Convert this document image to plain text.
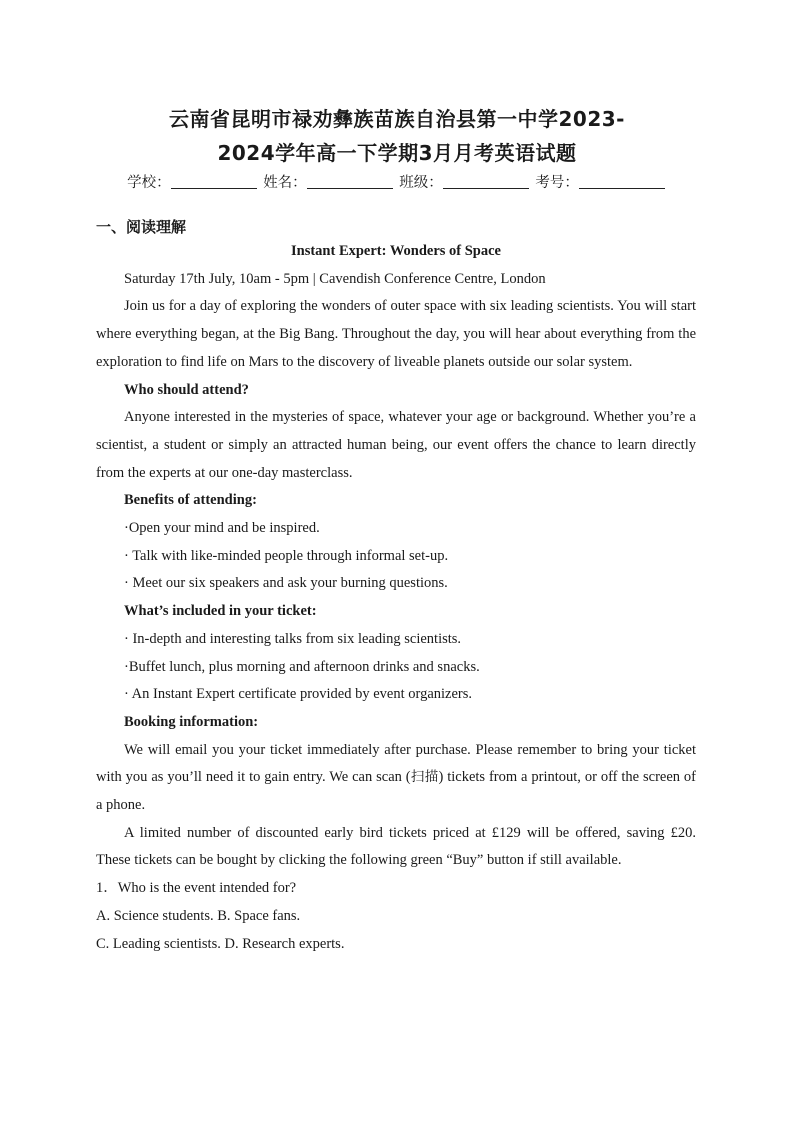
云南省昆明市禄劝彝族苗族自治县第一中学2023-
2024学年高一下学期3月月考英语试题
学校：	姓名：	班级：	考号：
一、阅读理解

Instant Expert: Wonders of Space

Saturday 17th July, 10am - 5pm | Cavendish Conference Centre, London

Join us for a day of exploring the wonders of outer space with six leading scientists. You will start where everything began, at the Big Bang. Throughout the day, you will hear about everything from the exploration to find life on Mars to the discovery of liveable planets outside our solar system.

Who should attend?

Anyone interested in the mysteries of space, whatever your age or background. Whether you’re a scientist, a student or simply an attracted human being, our event offers the chance to learn directly from the experts at our one-day masterclass.

Benefits of attending:

·Open your mind and be inspired.

· Talk with like-minded people through informal set-up.

· Meet our six speakers and ask your burning questions.

What’s included in your ticket:

· In-depth and interesting talks from six leading scientists.

·Buffet lunch, plus morning and afternoon drinks and snacks.

· An Instant Expert certificate provided by event organizers.

Booking information:

We will email you your ticket immediately after purchase. Please remember to bring your ticket with you as you’ll need it to gain entry. We can scan (扫描) tickets from a printout, or off the screen of a phone.

A limited number of discounted early bird tickets priced at £129 will be offered, saving £20. These tickets can be bought by clicking the following green “Buy” button if still available.

1．Who is the event intended for?

A. Science students. B. Space fans.

C. Leading scientists. D. Research experts.
